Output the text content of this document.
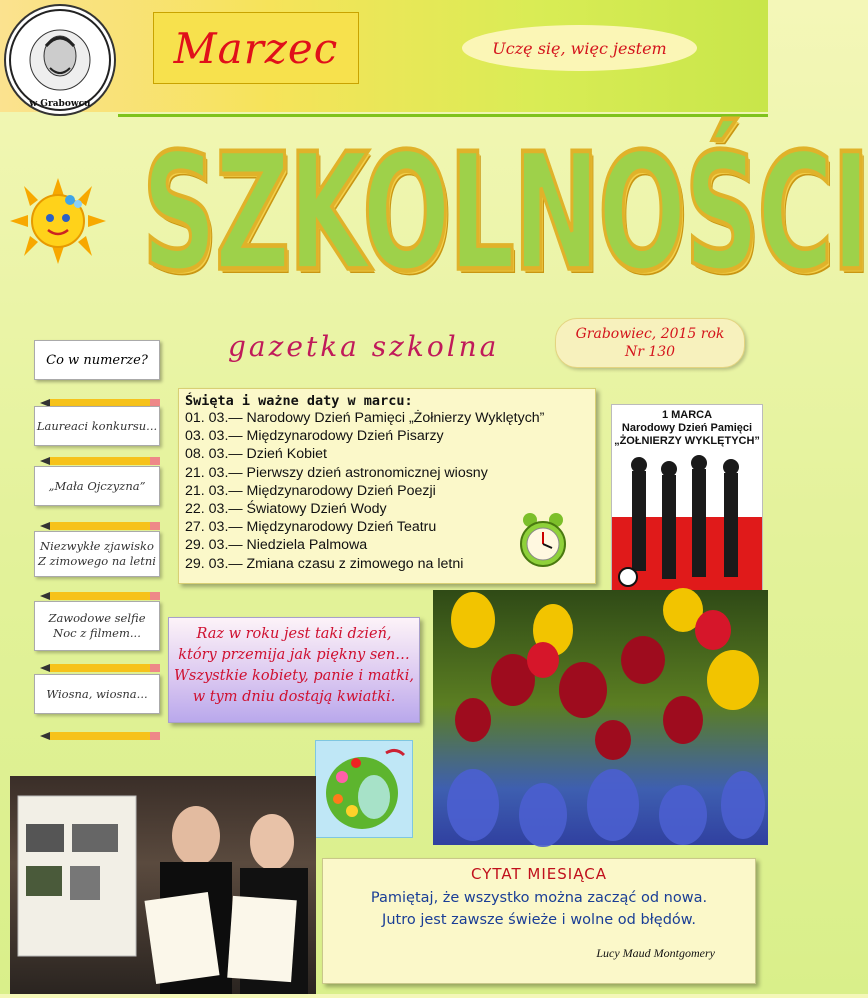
w Grabowcu
Marzec	Uczę się, więc jestem
SZKOLNOŚCI
gazetka szkolna	Grabowiec, 2015 rok
Nr 130
Co w numerze?
Laureaci konkursu...
„Mała Ojczyzna”
Niezwykłe zjawisko
Z zimowego na letni
Zawodowe selfie
Noc z filmem...
Wiosna, wiosna...
Święta i ważne daty w marcu:
01. 03.— Narodowy Dzień Pamięci „Żołnierzy Wyklętych”
03. 03.— Międzynarodowy Dzień Pisarzy
08. 03.— Dzień Kobiet
21. 03.— Pierwszy dzień astronomicznej wiosny
21. 03.— Międzynarodowy Dzień Poezji
22. 03.— Światowy Dzień Wody
27. 03.— Międzynarodowy Dzień Teatru
29. 03.— Niedziela Palmowa
29. 03.— Zmiana czasu z zimowego na letni
1 MARCA
Narodowy Dzień Pamięci
„ŻOŁNIERZY WYKLĘTYCH”
Raz w roku jest taki dzień,
który przemija jak piękny sen…
Wszystkie kobiety, panie i matki,
w tym dniu dostają kwiatki.
CYTAT MIESIĄCA
Pamiętaj, że wszystko można zacząć od nowa.
Jutro jest zawsze świeże i wolne od błędów.
Lucy Maud Montgomery
